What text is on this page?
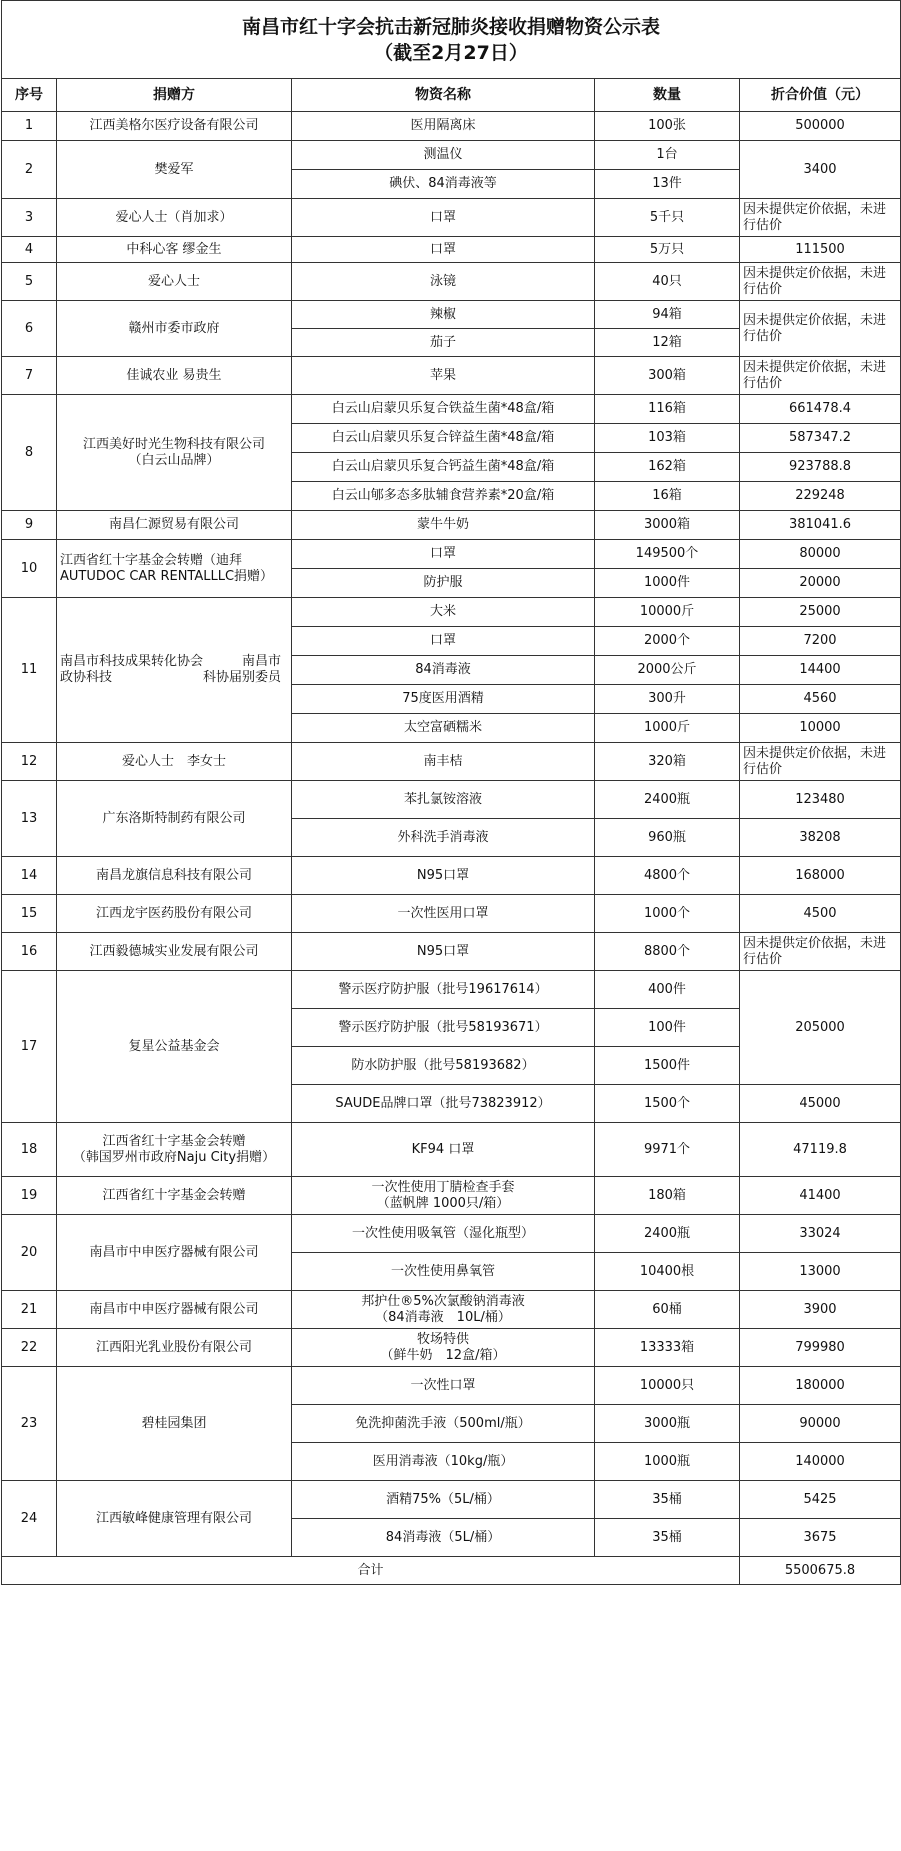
南昌市红十字会抗击新冠肺炎接收捐赠物资公示表
（截至2月27日）				

序号	捐赠方	物资名称	数量	折合价值（元）
1	江西美格尔医疗设备有限公司	医用隔离床	100张	500000
2	樊爱军	测温仪	1台	3400
		碘伏、84消毒液等	13件	
3	爱心人士（肖加求）	口罩	5千只	因未提供定价依据，未进行估价
4	中科心客 缪金生	口罩	5万只	111500
5	爱心人士	泳镜	40只	因未提供定价依据，未进行估价
6	赣州市委市政府	辣椒	94箱	因未提供定价依据，未进行估价
		茄子	12箱	
7	佳诚农业 易贵生	苹果	300箱	因未提供定价依据，未进行估价
8	江西美好时光生物科技有限公司
（白云山品牌）	白云山启蒙贝乐复合铁益生菌*48盒/箱	116箱	661478.4
		白云山启蒙贝乐复合锌益生菌*48盒/箱	103箱	587347.2
		白云山启蒙贝乐复合钙益生菌*48盒/箱	162箱	923788.8
		白云山郇多态多肽辅食营养素*20盒/箱	16箱	229248
9	南昌仁源贸易有限公司	蒙牛牛奶	3000箱	381041.6
10	江西省红十字基金会转赠（迪拜AUTUDOC CAR RENTALLLC捐赠）	口罩	149500个	80000
		防护服	1000件	20000
11	南昌市科技成果转化协会　　　南昌市政协科技　　　　　　　科协届别委员	大米	10000斤	25000
		口罩	2000个	7200
		84消毒液	2000公斤	14400
		75度医用酒精	300升	4560
		太空富硒糯米	1000斤	10000
12	爱心人士　李女士	南丰桔	320箱	因未提供定价依据，未进行估价
13	广东洛斯特制药有限公司	苯扎氯铵溶液	2400瓶	123480
		外科洗手消毒液	960瓶	38208
14	南昌龙旗信息科技有限公司	N95口罩	4800个	168000
15	江西龙宇医药股份有限公司	一次性医用口罩	1000个	4500
16	江西毅德城实业发展有限公司	N95口罩	8800个	因未提供定价依据，未进行估价
17	复星公益基金会	警示医疗防护服（批号19617614）	400件	205000
		警示医疗防护服（批号58193671）	100件	
		防水防护服（批号58193682）	1500件	
		SAUDE品牌口罩（批号73823912）	1500个	45000
18	江西省红十字基金会转赠
（韩国罗州市政府Naju City捐赠）	KF94 口罩	9971个	47119.8
19	江西省红十字基金会转赠	一次性使用丁腈检查手套
（蓝帆牌 1000只/箱）	180箱	41400
20	南昌市中申医疗器械有限公司	一次性使用吸氧管（湿化瓶型）	2400瓶	33024
		一次性使用鼻氧管	10400根	13000
21	南昌市中申医疗器械有限公司	邦护仕®5%次氯酸钠消毒液
（84消毒液　10L/桶）	60桶	3900
22	江西阳光乳业股份有限公司	牧场特供
（鲜牛奶　12盒/箱）	13333箱	799980
23	碧桂园集团	一次性口罩	10000只	180000
		免洗抑菌洗手液（500ml/瓶）	3000瓶	90000
		医用消毒液（10kg/瓶）	1000瓶	140000
24	江西敏峰健康管理有限公司	酒精75%（5L/桶）	35桶	5425
		84消毒液（5L/桶）	35桶	3675
合计				5500675.8
